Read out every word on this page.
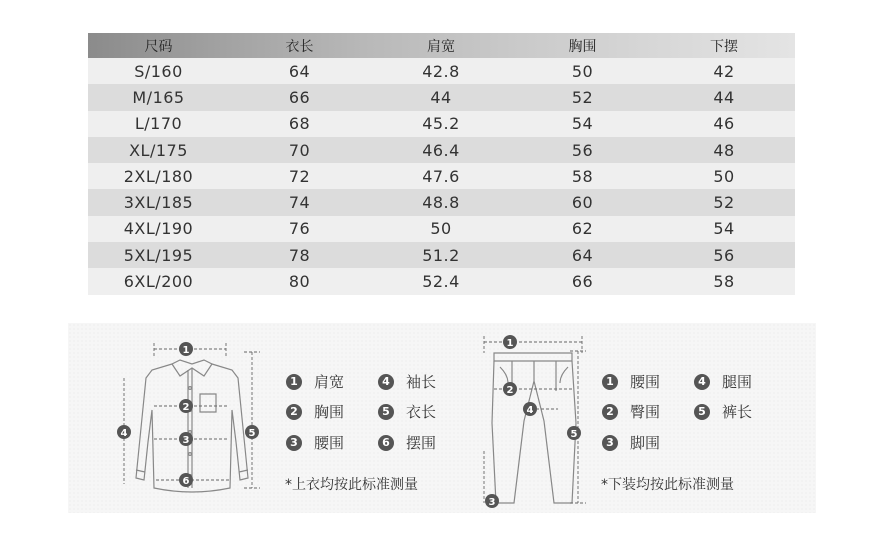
尺码	衣长	肩宽	胸围	下摆
S/160	64	42.8	50	42
M/165	66	44	52	44
L/170	68	45.2	54	46
XL/175	70	46.4	56	48
2XL/180	72	47.6	58	50
3XL/185	74	48.8	60	52
4XL/190	76	50	62	54
5XL/195	78	51.2	64	56
6XL/200	80	52.4	66	58
1
2
3
4	5
6
1 肩宽	4 袖长
2 胸围	5 衣长
3 腰围	6 摆围
*上衣均按此标准测量
1
2
3
4
5
1 腰围	4 腿围
2 臀围	5 裤长
3 脚围
*下装均按此标准测量
